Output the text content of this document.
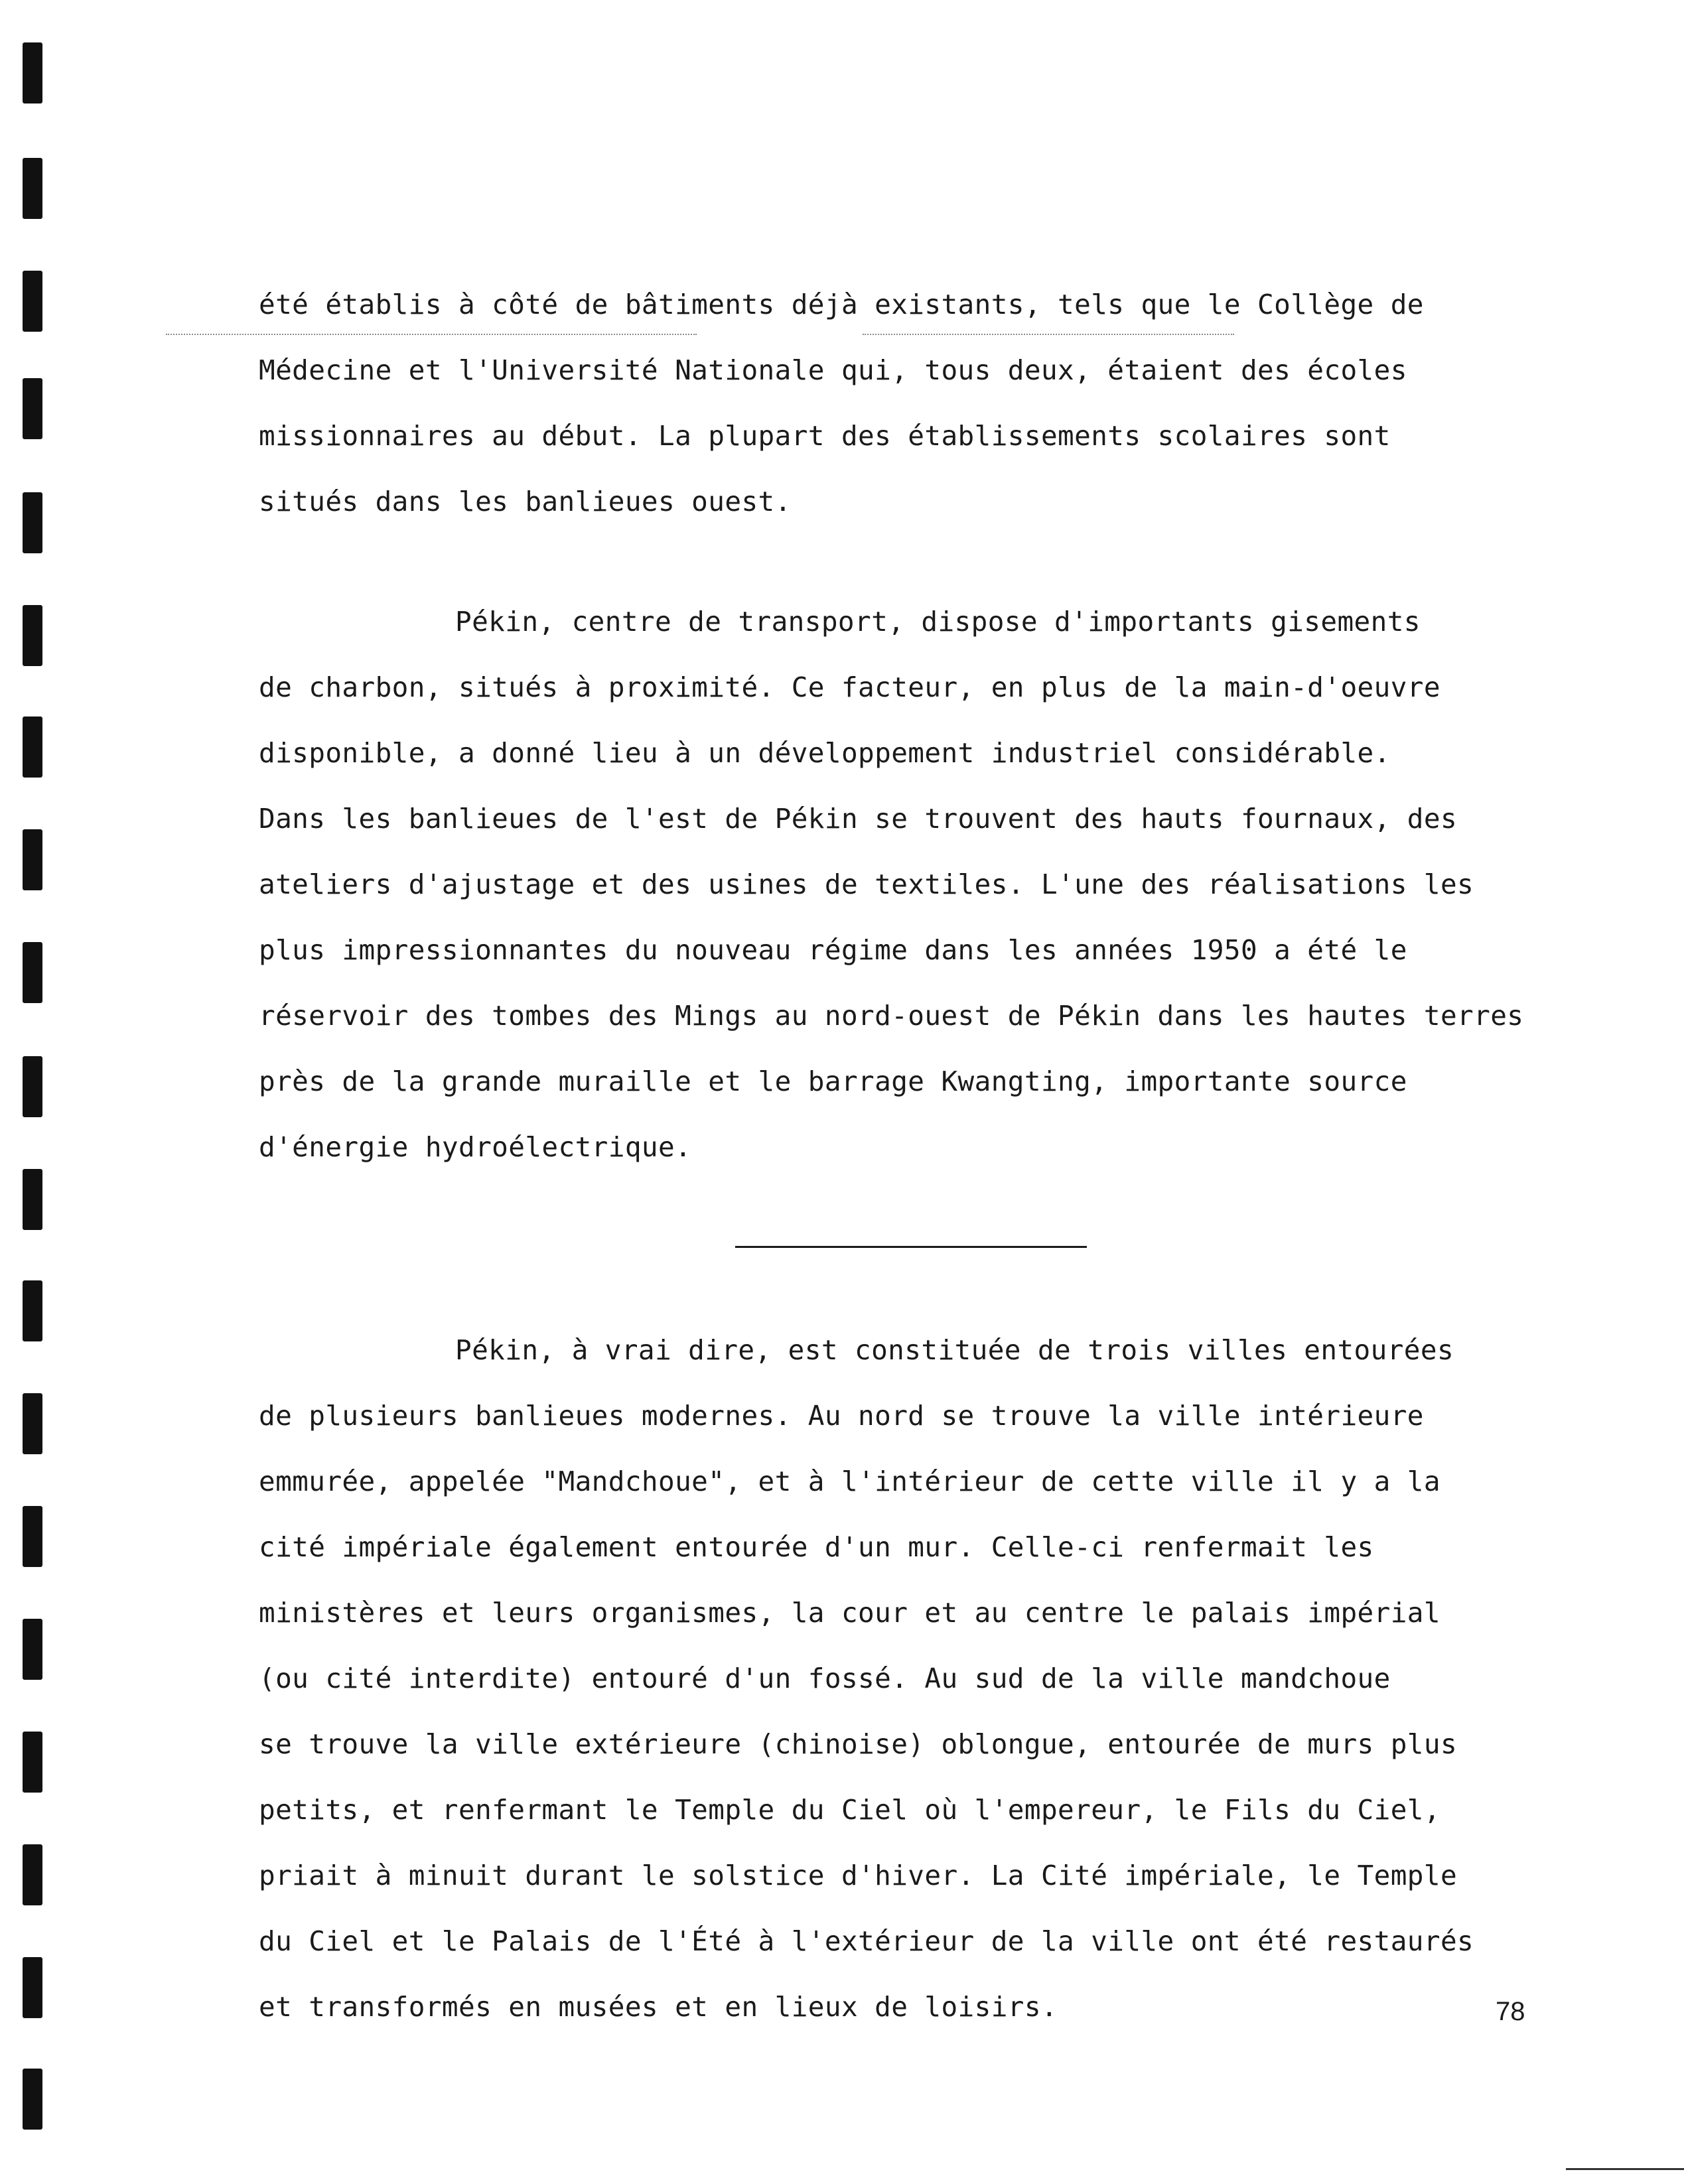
été établis à côté de bâtiments déjà existants, tels que le Collège de
Médecine et l'Université Nationale qui, tous deux, étaient des écoles
missionnaires au début. La plupart des établissements scolaires sont
situés dans les banlieues ouest.
Pékin, centre de transport, dispose d'importants gisements
de charbon, situés à proximité. Ce facteur, en plus de la main-d'oeuvre
disponible, a donné lieu à un développement industriel considérable.
Dans les banlieues de l'est de Pékin se trouvent des hauts fournaux, des
ateliers d'ajustage et des usines de textiles. L'une des réalisations les
plus impressionnantes du nouveau régime dans les années 1950 a été le
réservoir des tombes des Mings au nord-ouest de Pékin dans les hautes terres
près de la grande muraille et le barrage Kwangting, importante source
d'énergie hydroélectrique.
Pékin, à vrai dire, est constituée de trois villes entourées
de plusieurs banlieues modernes. Au nord se trouve la ville intérieure
emmurée, appelée "Mandchoue", et à l'intérieur de cette ville il y a la
cité impériale également entourée d'un mur. Celle-ci renfermait les
ministères et leurs organismes, la cour et au centre le palais impérial
(ou cité interdite) entouré d'un fossé. Au sud de la ville mandchoue
se trouve la ville extérieure (chinoise) oblongue, entourée de murs plus
petits, et renfermant le Temple du Ciel où l'empereur, le Fils du Ciel,
priait à minuit durant le solstice d'hiver. La Cité impériale, le Temple
du Ciel et le Palais de l'Été à l'extérieur de la ville ont été restaurés
et transformés en musées et en lieux de loisirs.	78
